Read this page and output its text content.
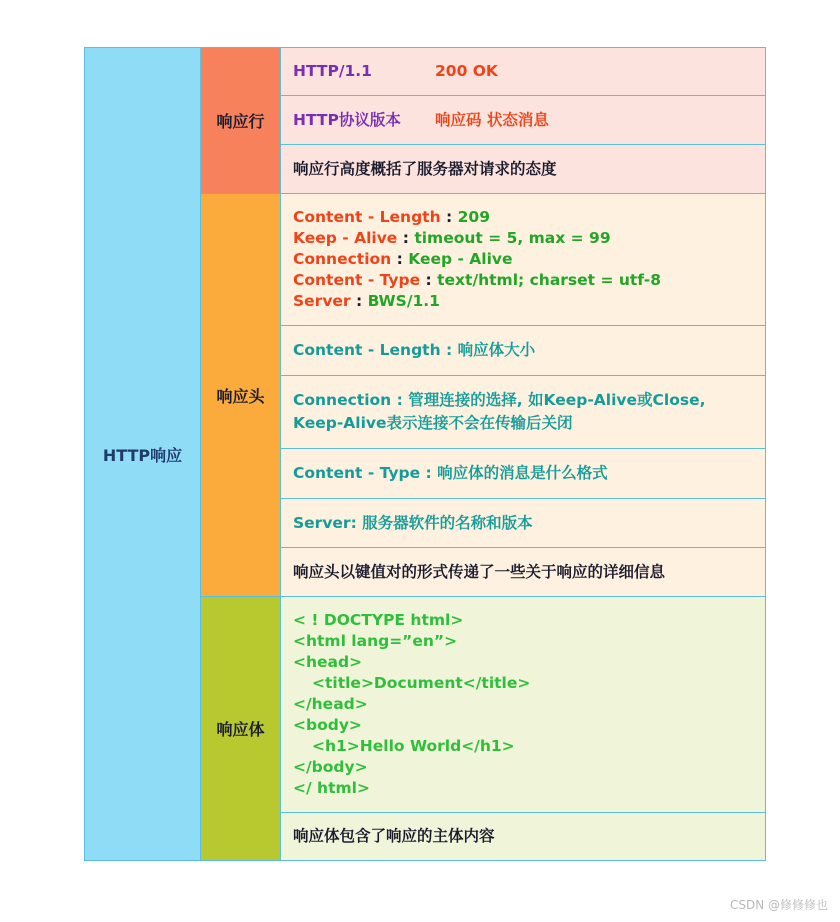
HTTP响应
响应行
响应头
响应体
HTTP/1.1	200 OK
HTTP协议版本 响应码 状态消息
响应行高度概括了服务器对请求的态度
Content - Length : 209
Keep - Alive : timeout = 5, max = 99
Connection : Keep - Alive
Content - Type : text/html; charset = utf-8
Server : BWS/1.1
Content - Length : 响应体大小
Connection : 管理连接的选择, 如Keep-Alive或Close,
Keep-Alive表示连接不会在传输后关闭
Content - Type : 响应体的消息是什么格式
Server: 服务器软件的名称和版本
响应头以键值对的形式传递了一些关于响应的详细信息
< ! DOCTYPE html>
<html lang=”en”>
<head>
<title>Document</title>
</head>
<body>
<h1>Hello World</h1>
</body>
</ html>
响应体包含了响应的主体内容
CSDN @修修修也
